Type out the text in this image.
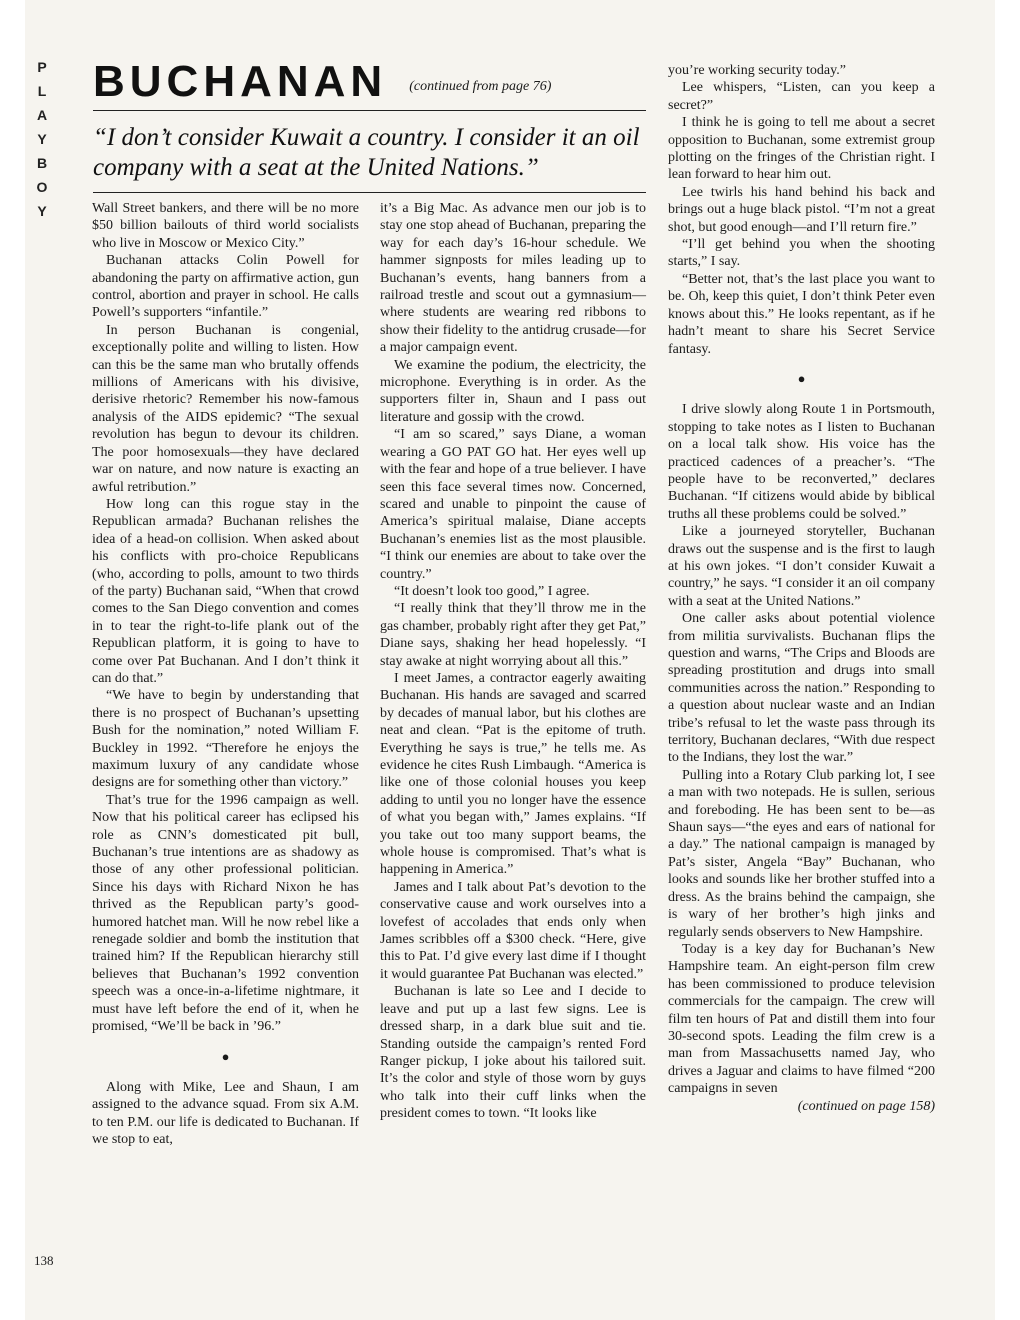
P
L
A
Y
B
O
Y
BUCHANAN (continued from page 76)
“I don’t consider Kuwait a country. I consider it an oil company with a seat at the United Nations.”

Wall Street bankers, and there will be no more $50 billion bailouts of third world socialists who live in Moscow or Mexico City.”

Buchanan attacks Colin Powell for abandoning the party on affirmative action, gun control, abortion and prayer in school. He calls Powell’s supporters “infantile.”

In person Buchanan is congenial, exceptionally polite and willing to listen. How can this be the same man who brutally offends millions of Americans with his divisive, derisive rhetoric? Remember his now-famous analysis of the AIDS epidemic? “The sexual revolution has begun to devour its children. The poor homosexuals—they have declared war on nature, and now nature is exacting an awful retribution.”

How long can this rogue stay in the Republican armada? Buchanan relishes the idea of a head-on collision. When asked about his conflicts with pro-choice Republicans (who, according to polls, amount to two thirds of the party) Buchanan said, “When that crowd comes to the San Diego convention and comes in to tear the right-to-life plank out of the Republican platform, it is going to have to come over Pat Buchanan. And I don’t think it can do that.”

“We have to begin by understanding that there is no prospect of Buchanan’s upsetting Bush for the nomination,” noted William F. Buckley in 1992. “Therefore he enjoys the maximum luxury of any candidate whose designs are for something other than victory.”

That’s true for the 1996 campaign as well. Now that his political career has eclipsed his role as CNN’s domesticated pit bull, Buchanan’s true intentions are as shadowy as those of any other professional politician. Since his days with Richard Nixon he has thrived as the Republican party’s good-humored hatchet man. Will he now rebel like a renegade soldier and bomb the institution that trained him? If the Republican hierarchy still believes that Buchanan’s 1992 convention speech was a once-in-a-lifetime nightmare, it must have left before the end of it, when he promised, “We’ll be back in ’96.”

●

Along with Mike, Lee and Shaun, I am assigned to the advance squad. From six A.M. to ten P.M. our life is dedicated to Buchanan. If we stop to eat,

it’s a Big Mac. As advance men our job is to stay one stop ahead of Buchanan, preparing the way for each day’s 16-hour schedule. We hammer signposts for miles leading up to Buchanan’s events, hang banners from a railroad trestle and scout out a gymnasium—where students are wearing red ribbons to show their fidelity to the antidrug crusade—for a major campaign event.

We examine the podium, the electricity, the microphone. Everything is in order. As the supporters filter in, Shaun and I pass out literature and gossip with the crowd.

“I am so scared,” says Diane, a woman wearing a GO PAT GO hat. Her eyes well up with the fear and hope of a true believer. I have seen this face several times now. Concerned, scared and unable to pinpoint the cause of America’s spiritual malaise, Diane accepts Buchanan’s enemies list as the most plausible. “I think our enemies are about to take over the country.”

“It doesn’t look too good,” I agree.

“I really think that they’ll throw me in the gas chamber, probably right after they get Pat,” Diane says, shaking her head hopelessly. “I stay awake at night worrying about all this.”

I meet James, a contractor eagerly awaiting Buchanan. His hands are savaged and scarred by decades of manual labor, but his clothes are neat and clean. “Pat is the epitome of truth. Everything he says is true,” he tells me. As evidence he cites Rush Limbaugh. “America is like one of those colonial houses you keep adding to until you no longer have the essence of what you began with,” James explains. “If you take out too many support beams, the whole house is compromised. That’s what is happening in America.”

James and I talk about Pat’s devotion to the conservative cause and work ourselves into a lovefest of accolades that ends only when James scribbles off a $300 check. “Here, give this to Pat. I’d give every last dime if I thought it would guarantee Pat Buchanan was elected.”

Buchanan is late so Lee and I decide to leave and put up a last few signs. Lee is dressed sharp, in a dark blue suit and tie. Standing outside the campaign’s rented Ford Ranger pickup, I joke about his tailored suit. It’s the color and style of those worn by guys who talk into their cuff links when the president comes to town. “It looks like

you’re working security today.”

Lee whispers, “Listen, can you keep a secret?”

I think he is going to tell me about a secret opposition to Buchanan, some extremist group plotting on the fringes of the Christian right. I lean forward to hear him out.

Lee twirls his hand behind his back and brings out a huge black pistol. “I’m not a great shot, but good enough—and I’ll return fire.”

“I’ll get behind you when the shooting starts,” I say.

“Better not, that’s the last place you want to be. Oh, keep this quiet, I don’t think Peter even knows about this.” He looks repentant, as if he hadn’t meant to share his Secret Service fantasy.

●

I drive slowly along Route 1 in Portsmouth, stopping to take notes as I listen to Buchanan on a local talk show. His voice has the practiced cadences of a preacher’s. “The people have to be reconverted,” declares Buchanan. “If citizens would abide by biblical truths all these problems could be solved.”

Like a journeyed storyteller, Buchanan draws out the suspense and is the first to laugh at his own jokes. “I don’t consider Kuwait a country,” he says. “I consider it an oil company with a seat at the United Nations.”

One caller asks about potential violence from militia survivalists. Buchanan flips the question and warns, “The Crips and Bloods are spreading prostitution and drugs into small communities across the nation.” Responding to a question about nuclear waste and an Indian tribe’s refusal to let the waste pass through its territory, Buchanan declares, “With due respect to the Indians, they lost the war.”

Pulling into a Rotary Club parking lot, I see a man with two notepads. He is sullen, serious and foreboding. He has been sent to be—as Shaun says—“the eyes and ears of national for a day.” The national campaign is managed by Pat’s sister, Angela “Bay” Buchanan, who looks and sounds like her brother stuffed into a dress. As the brains behind the campaign, she is wary of her brother’s high jinks and regularly sends observers to New Hampshire.

Today is a key day for Buchanan’s New Hampshire team. An eight-person film crew has been commissioned to produce television commercials for the campaign. The crew will film ten hours of Pat and distill them into four 30-second spots. Leading the film crew is a man from Massachusetts named Jay, who drives a Jaguar and claims to have filmed “200 campaigns in seven

(continued on page 158)

138
